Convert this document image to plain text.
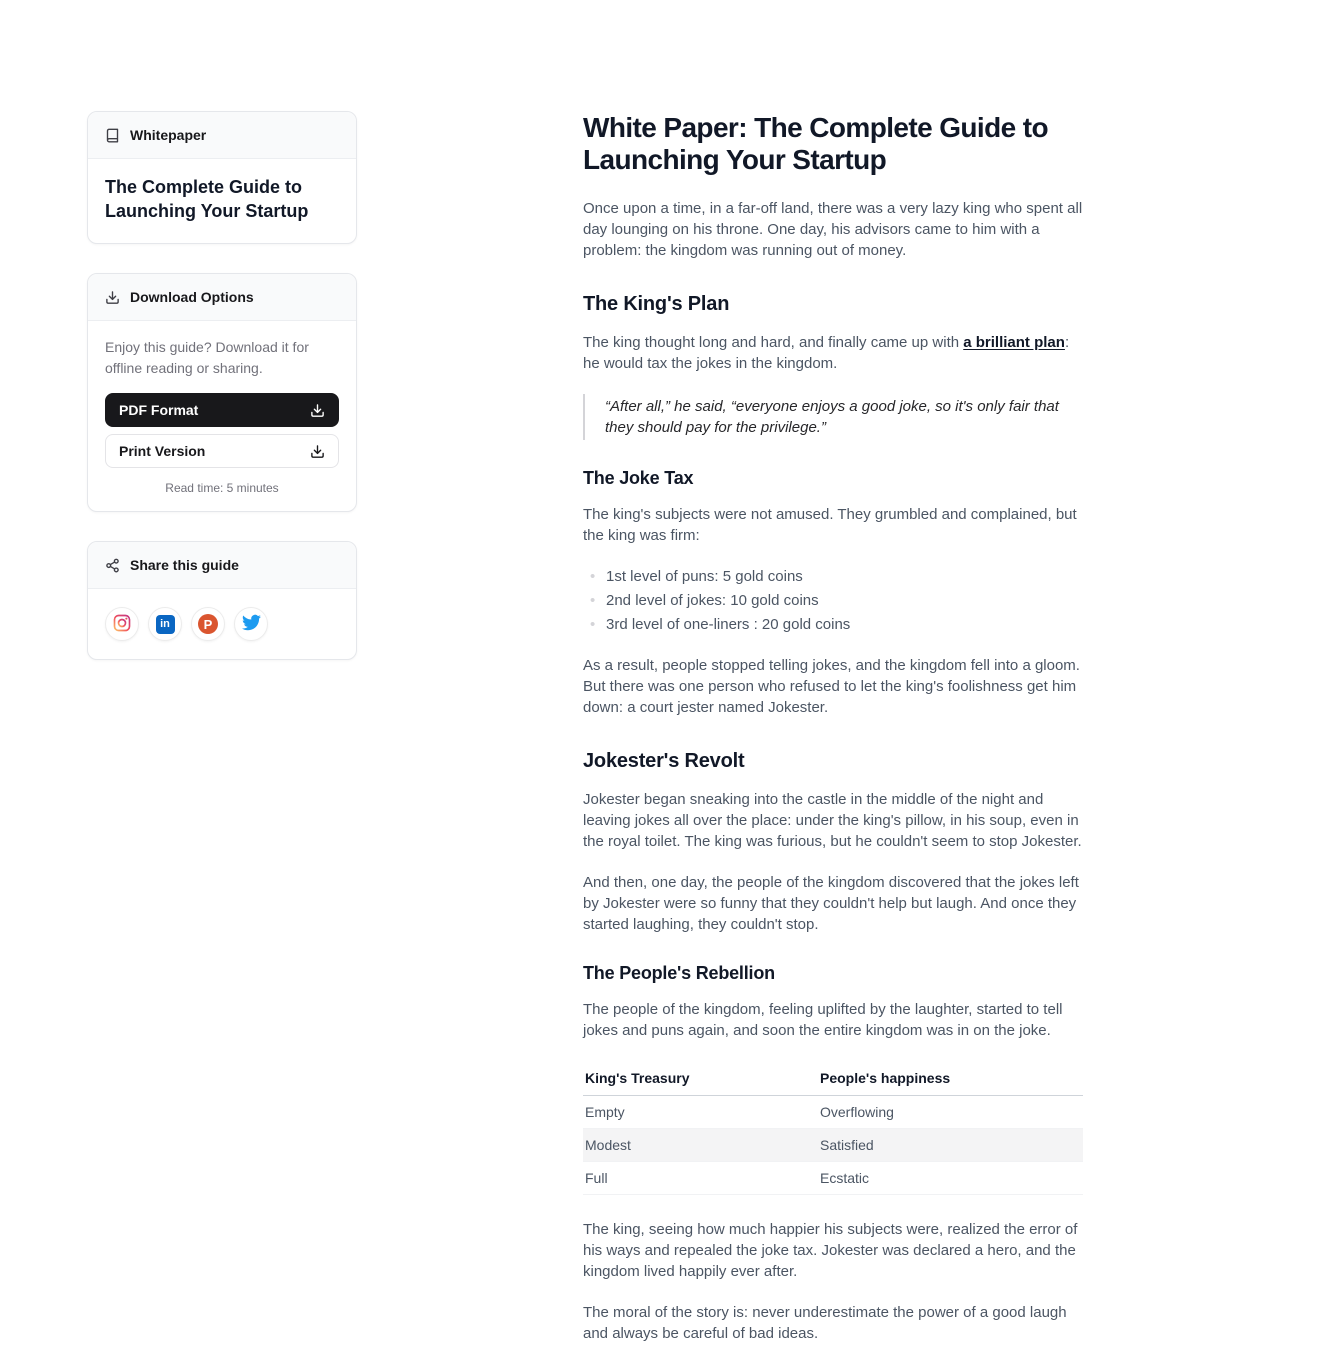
Whitepaper
The Complete Guide to Launching Your Startup
Download Options

Enjoy this guide? Download it for offline reading or sharing.

PDF Format
Print Version
Read time: 5 minutes
Share this guide
in	P
White Paper: The Complete Guide to Launching Your Startup

Once upon a time, in a far-off land, there was a very lazy king who spent all day lounging on his throne. One day, his advisors came to him with a problem: the kingdom was running out of money.

The King's Plan

The king thought long and hard, and finally came up with a brilliant plan: he would tax the jokes in the kingdom.

“After all,” he said, “everyone enjoys a good joke, so it's only fair that they should pay for the privilege.”
The Joke Tax

The king's subjects were not amused. They grumbled and complained, but the king was firm:

• 1st level of puns: 5 gold coins
• 2nd level of jokes: 10 gold coins
• 3rd level of one-liners : 20 gold coins

As a result, people stopped telling jokes, and the kingdom fell into a gloom. But there was one person who refused to let the king's foolishness get him down: a court jester named Jokester.

Jokester's Revolt

Jokester began sneaking into the castle in the middle of the night and leaving jokes all over the place: under the king's pillow, in his soup, even in the royal toilet. The king was furious, but he couldn't seem to stop Jokester.

And then, one day, the people of the kingdom discovered that the jokes left by Jokester were so funny that they couldn't help but laugh. And once they started laughing, they couldn't stop.

The People's Rebellion

The people of the kingdom, feeling uplifted by the laughter, started to tell jokes and puns again, and soon the entire kingdom was in on the joke.

King's Treasury	People's happiness
Empty	Overflowing
Modest	Satisfied
Full	Ecstatic

The king, seeing how much happier his subjects were, realized the error of his ways and repealed the joke tax. Jokester was declared a hero, and the kingdom lived happily ever after.

The moral of the story is: never underestimate the power of a good laugh and always be careful of bad ideas.
